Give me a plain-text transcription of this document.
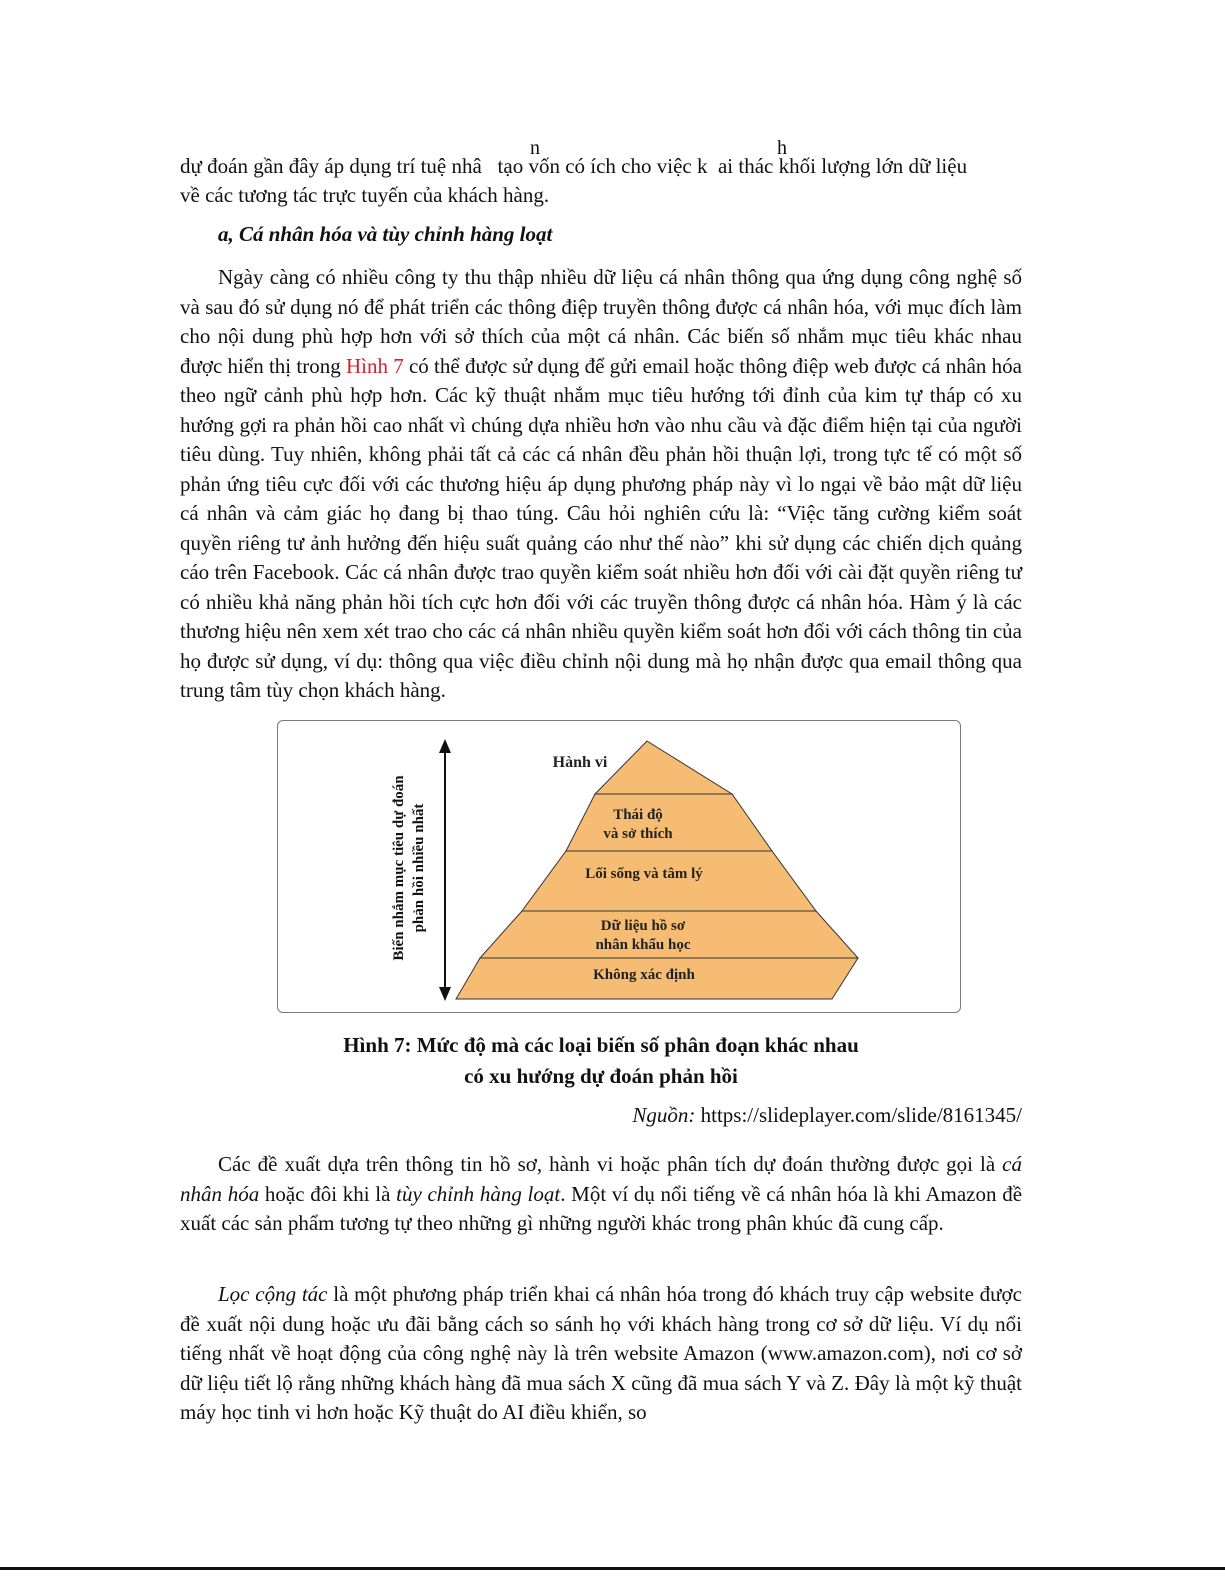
n	h
dự đoán gần đây áp dụng trí tuệ nhâ   tạo vốn có ích cho việc k  ai thác khối lượng lớn dữ liệu
về các tương tác trực tuyến của khách hàng.
a, Cá nhân hóa và tùy chỉnh hàng loạt
Ngày càng có nhiều công ty thu thập nhiều dữ liệu cá nhân thông qua ứng dụng công nghệ số và sau đó sử dụng nó để phát triển các thông điệp truyền thông được cá nhân hóa, với mục đích làm cho nội dung phù hợp hơn với sở thích của một cá nhân. Các biến số nhắm mục tiêu khác nhau được hiển thị trong Hình 7 có thể được sử dụng để gửi email hoặc thông điệp web được cá nhân hóa theo ngữ cảnh phù hợp hơn. Các kỹ thuật nhắm mục tiêu hướng tới đỉnh của kim tự tháp có xu hướng gợi ra phản hồi cao nhất vì chúng dựa nhiều hơn vào nhu cầu và đặc điểm hiện tại của người tiêu dùng. Tuy nhiên, không phải tất cả các cá nhân đều phản hồi thuận lợi, trong tực tế có một số phản ứng tiêu cực đối với các thương hiệu áp dụng phương pháp này vì lo ngại về bảo mật dữ liệu cá nhân và cảm giác họ đang bị thao túng. Câu hỏi nghiên cứu là: “Việc tăng cường kiểm soát quyền riêng tư ảnh hưởng đến hiệu suất quảng cáo như thế nào” khi sử dụng các chiến dịch quảng cáo trên Facebook. Các cá nhân được trao quyền kiểm soát nhiều hơn đối với cài đặt quyền riêng tư có nhiều khả năng phản hồi tích cực hơn đối với các truyền thông được cá nhân hóa. Hàm ý là các thương hiệu nên xem xét trao cho các cá nhân nhiều quyền kiểm soát hơn đối với cách thông tin của họ được sử dụng, ví dụ: thông qua việc điều chỉnh nội dung mà họ nhận được qua email thông qua trung tâm tùy chọn khách hàng.
Biến nhắm mục tiêu dự đoán phản hồi nhiều nhất
Hành vi
Thái độ
và sở thích
Lối sống và tâm lý
Dữ liệu hồ sơ
nhân khẩu học
Không xác định
Hình 7: Mức độ mà các loại biến số phân đoạn khác nhau
có xu hướng dự đoán phản hồi
Nguồn: https://slideplayer.com/slide/8161345/
Các đề xuất dựa trên thông tin hồ sơ, hành vi hoặc phân tích dự đoán thường được gọi là cá nhân hóa hoặc đôi khi là tùy chỉnh hàng loạt. Một ví dụ nổi tiếng về cá nhân hóa là khi Amazon đề xuất các sản phẩm tương tự theo những gì những người khác trong phân khúc đã cung cấp.
Lọc cộng tác là một phương pháp triển khai cá nhân hóa trong đó khách truy cập website được đề xuất nội dung hoặc ưu đãi bằng cách so sánh họ với khách hàng trong cơ sở dữ liệu. Ví dụ nổi tiếng nhất về hoạt động của công nghệ này là trên website Amazon (www.amazon.com), nơi cơ sở dữ liệu tiết lộ rằng những khách hàng đã mua sách X cũng đã mua sách Y và Z. Đây là một kỹ thuật máy học tinh vi hơn hoặc Kỹ thuật do AI điều khiển, so
